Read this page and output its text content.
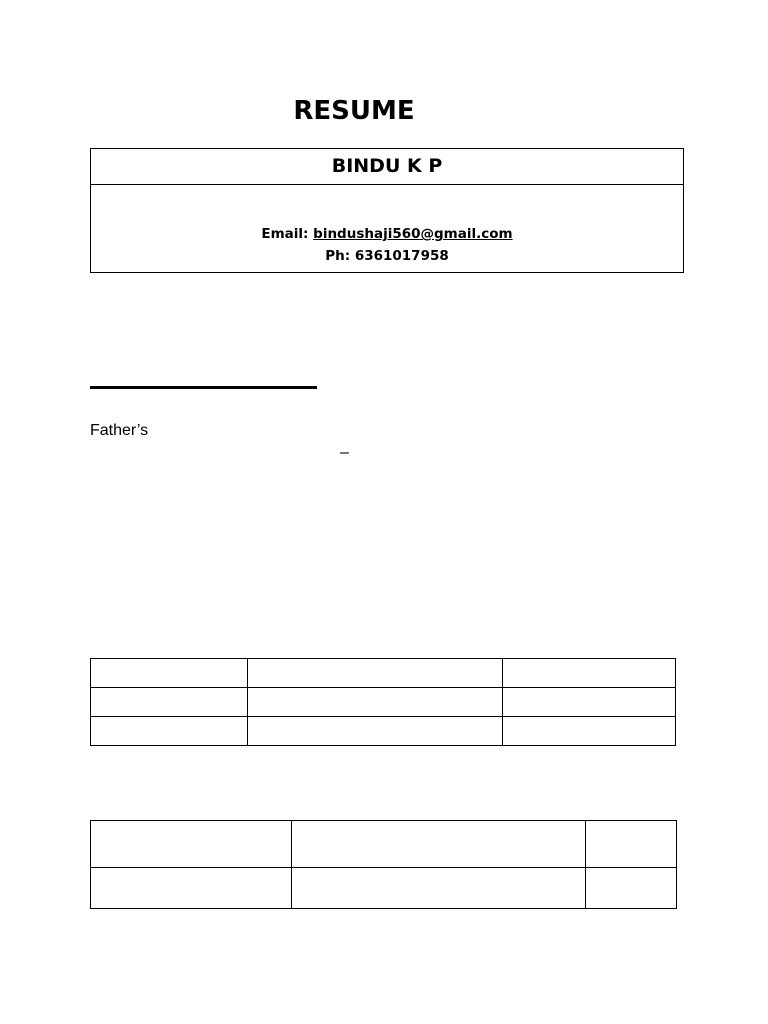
RESUME
BINDU K P
Email: bindushaji560@gmail.com
Ph: 6361017958
Father’s
–
